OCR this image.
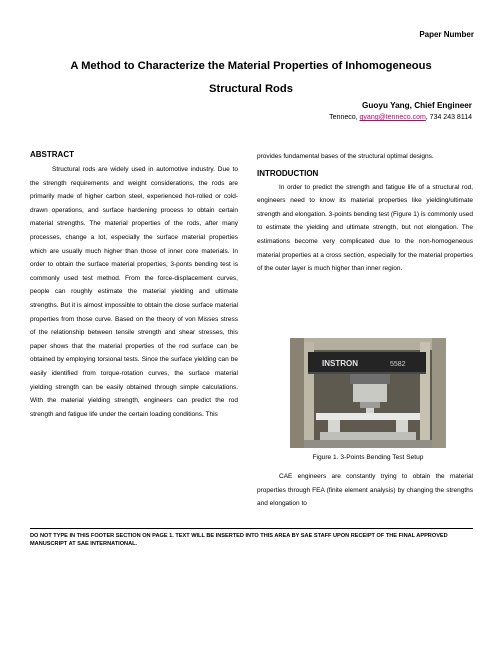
Paper Number
A Method to Characterize the Material Properties of Inhomogeneous
Structural Rods
Guoyu Yang, Chief Engineer
Tenneco, gyang@tenneco.com, 734 243 8114
ABSTRACT

Structural rods are widely used in automotive industry. Due to the strength requirements and weight considerations, the rods are primarily made of higher carbon steel, experienced hot-rolled or cold-drawn operations, and surface hardening process to obtain certain material strengths. The material properties of the rods, after many processes, change a lot, especially the surface material properties which are usually much higher than those of inner core materials. In order to obtain the surface material properties, 3-ponts bending test is commonly used test method. From the force-displacement curves, people can roughly estimate the material yielding and ultimate strengths. But it is almost impossible to obtain the close surface material properties from those curve. Based on the theory of von Misses stress of the relationship between tensile strength and shear stresses, this paper shows that the material properties of the rod surface can be obtained by employing torsional tests. Since the surface yielding can be easily identified from torque-rotation curves, the surface material yielding strength can be easily obtained through simple calculations. With the material yielding strength, engineers can predict the rod strength and fatigue life under the certain loading conditions. This

provides fundamental bases of the structural optimal designs.

INTRODUCTION

In order to predict the strength and fatigue life of a structural rod, engineers need to know its material properties like yielding/ultimate strength and elongation. 3-points bending test (Figure 1) is commonly used to estimate the yielding and ultimate strength, but not elongation. The estimations become very complicated due to the non-homogeneous material properties at a cross section, especially for the material properties of the outer layer is much higher than inner region.

INSTRON	5582
Figure 1. 3-Points Bending Test Setup

CAE engineers are constantly trying to obtain the material properties through FEA (finite element analysis) by changing the strengths and elongation to

DO NOT TYPE IN THIS FOOTER SECTION ON PAGE 1. TEXT WILL BE INSERTED INTO THIS AREA BY SAE STAFF UPON RECEIPT OF THE FINAL APPROVED MANUSCRIPT AT SAE INTERNATIONAL.
